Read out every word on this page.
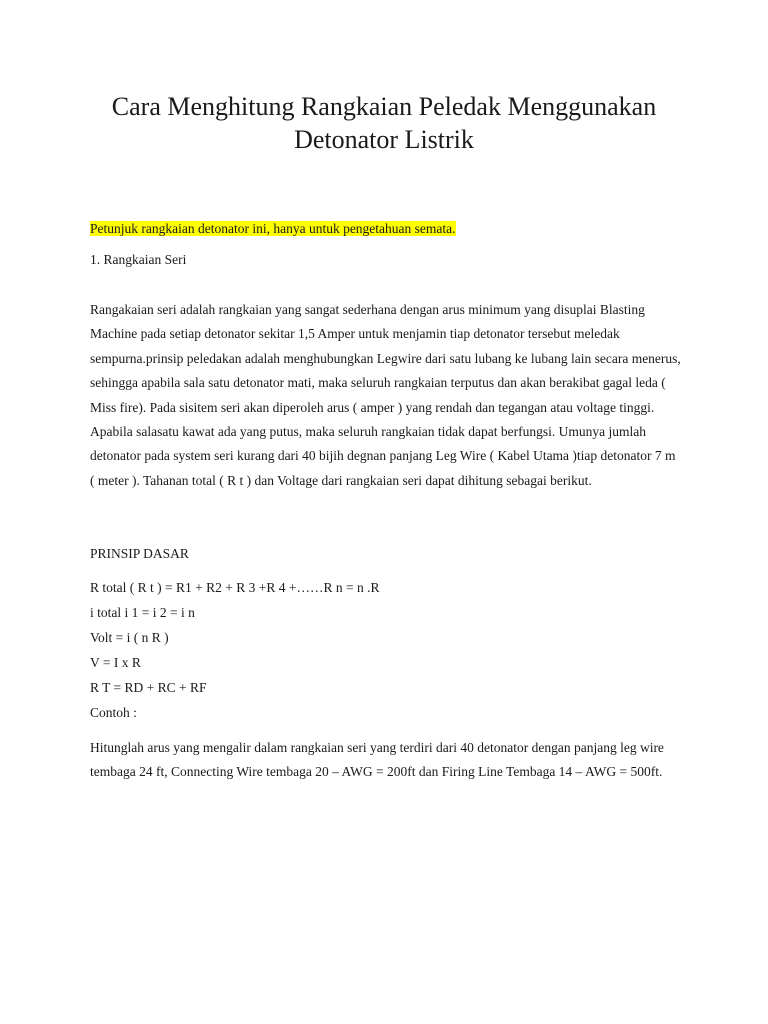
Cara Menghitung Rangkaian Peledak Menggunakan
Detonator Listrik
Petunjuk rangkaian detonator ini, hanya untuk pengetahuan semata.
1. Rangkaian Seri

Rangakaian seri adalah rangkaian yang sangat sederhana dengan arus minimum yang disuplai Blasting Machine pada setiap detonator sekitar 1,5 Amper untuk menjamin tiap detonator tersebut meledak sempurna.prinsip peledakan adalah menghubungkan Legwire dari satu lubang ke lubang lain secara menerus, sehingga apabila sala satu detonator mati, maka seluruh rangkaian terputus dan akan berakibat gagal leda ( Miss fire). Pada sisitem seri akan diperoleh arus ( amper ) yang rendah dan tegangan atau voltage tinggi. Apabila salasatu kawat ada yang putus, maka seluruh rangkaian tidak dapat berfungsi. Umunya jumlah detonator pada system seri kurang dari 40 bijih degnan panjang Leg Wire ( Kabel Utama )tiap detonator 7 m ( meter ). Tahanan total ( R t ) dan Voltage dari rangkaian seri dapat dihitung sebagai berikut.

PRINSIP DASAR
R total ( R t ) = R1 + R2 + R 3 +R 4 +……R n = n .R
i total i 1 = i 2 = i n
Volt = i ( n R )
V = I x R
R T = RD + RC + RF
Contoh :

Hitunglah arus yang mengalir dalam rangkaian seri yang terdiri dari 40 detonator dengan panjang leg wire tembaga 24 ft, Connecting Wire tembaga 20 – AWG = 200ft dan Firing Line Tembaga 14 – AWG = 500ft.
